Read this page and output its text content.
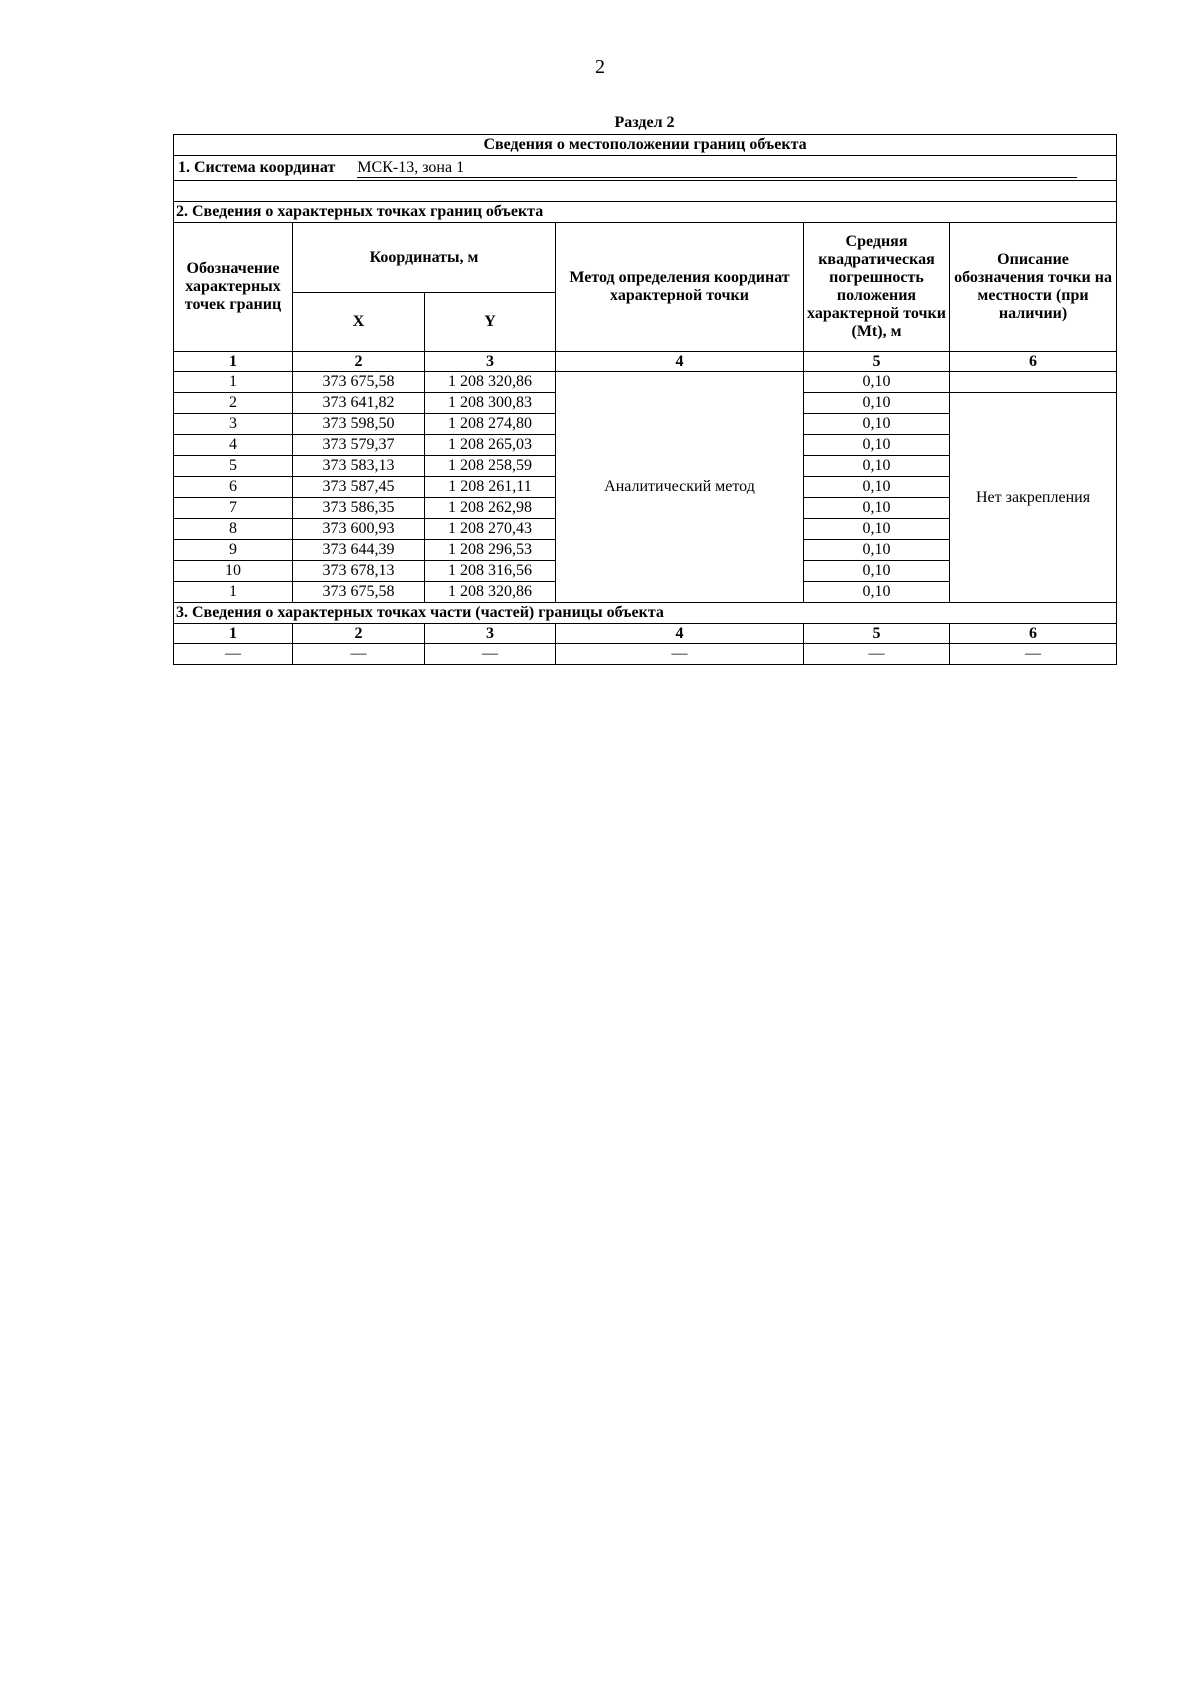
2
Раздел 2
Сведения о местоположении границ объекта					
1. Система координат МСК-13, зона 1					

2. Сведения о характерных точках границ объекта					
Обозначение характерных точек границ	Координаты, м		Метод определения координат характерной точки	Средняя квадратическая погрешность положения характерной точки (Mt), м	Описание обозначения точки на местности (при наличии)
	X	Y			
1	2	3	4	5	6
1	373 675,58	1 208 320,86	Аналитический метод	0,10	
2	373 641,82	1 208 300,83		0,10	Нет закрепления
3	373 598,50	1 208 274,80		0,10	
4	373 579,37	1 208 265,03		0,10	
5	373 583,13	1 208 258,59		0,10	
6	373 587,45	1 208 261,11		0,10	
7	373 586,35	1 208 262,98		0,10	
8	373 600,93	1 208 270,43		0,10	
9	373 644,39	1 208 296,53		0,10	
10	373 678,13	1 208 316,56		0,10	
1	373 675,58	1 208 320,86		0,10	
3. Сведения о характерных точках части (частей) границы объекта					
1	2	3	4	5	6
—	—	—	—	—	—
